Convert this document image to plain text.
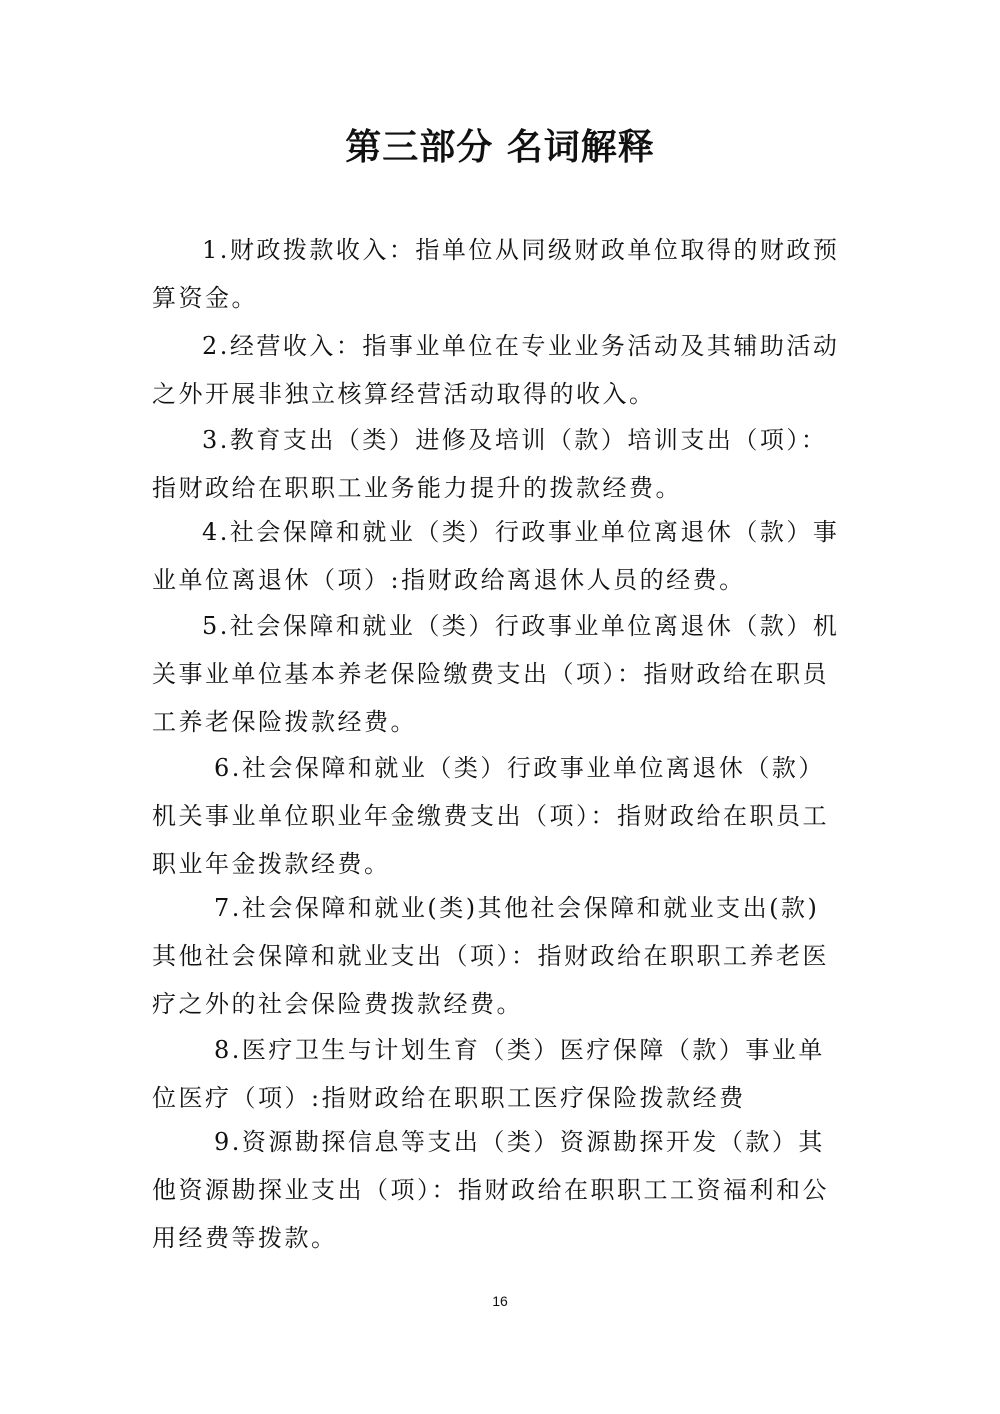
第三部分 名词解释
1.财政拨款收入：指单位从同级财政单位取得的财政预
算资金。
2.经营收入：指事业单位在专业业务活动及其辅助活动
之外开展非独立核算经营活动取得的收入。
3.教育支出（类）进修及培训（款）培训支出（项）：
指财政给在职职工业务能力提升的拨款经费。
4.社会保障和就业（类）行政事业单位离退休（款）事
业单位离退休（项）:指财政给离退休人员的经费。
5.社会保障和就业（类）行政事业单位离退休（款）机
关事业单位基本养老保险缴费支出（项）：指财政给在职员
工养老保险拨款经费。
6.社会保障和就业（类）行政事业单位离退休（款）
机关事业单位职业年金缴费支出（项）：指财政给在职员工
职业年金拨款经费。
7.社会保障和就业(类)其他社会保障和就业支出(款)
其他社会保障和就业支出（项）：指财政给在职职工养老医
疗之外的社会保险费拨款经费。
8.医疗卫生与计划生育（类）医疗保障（款）事业单
位医疗（项）:指财政给在职职工医疗保险拨款经费
9.资源勘探信息等支出（类）资源勘探开发（款）其
他资源勘探业支出（项）：指财政给在职职工工资福利和公
用经费等拨款。
16
